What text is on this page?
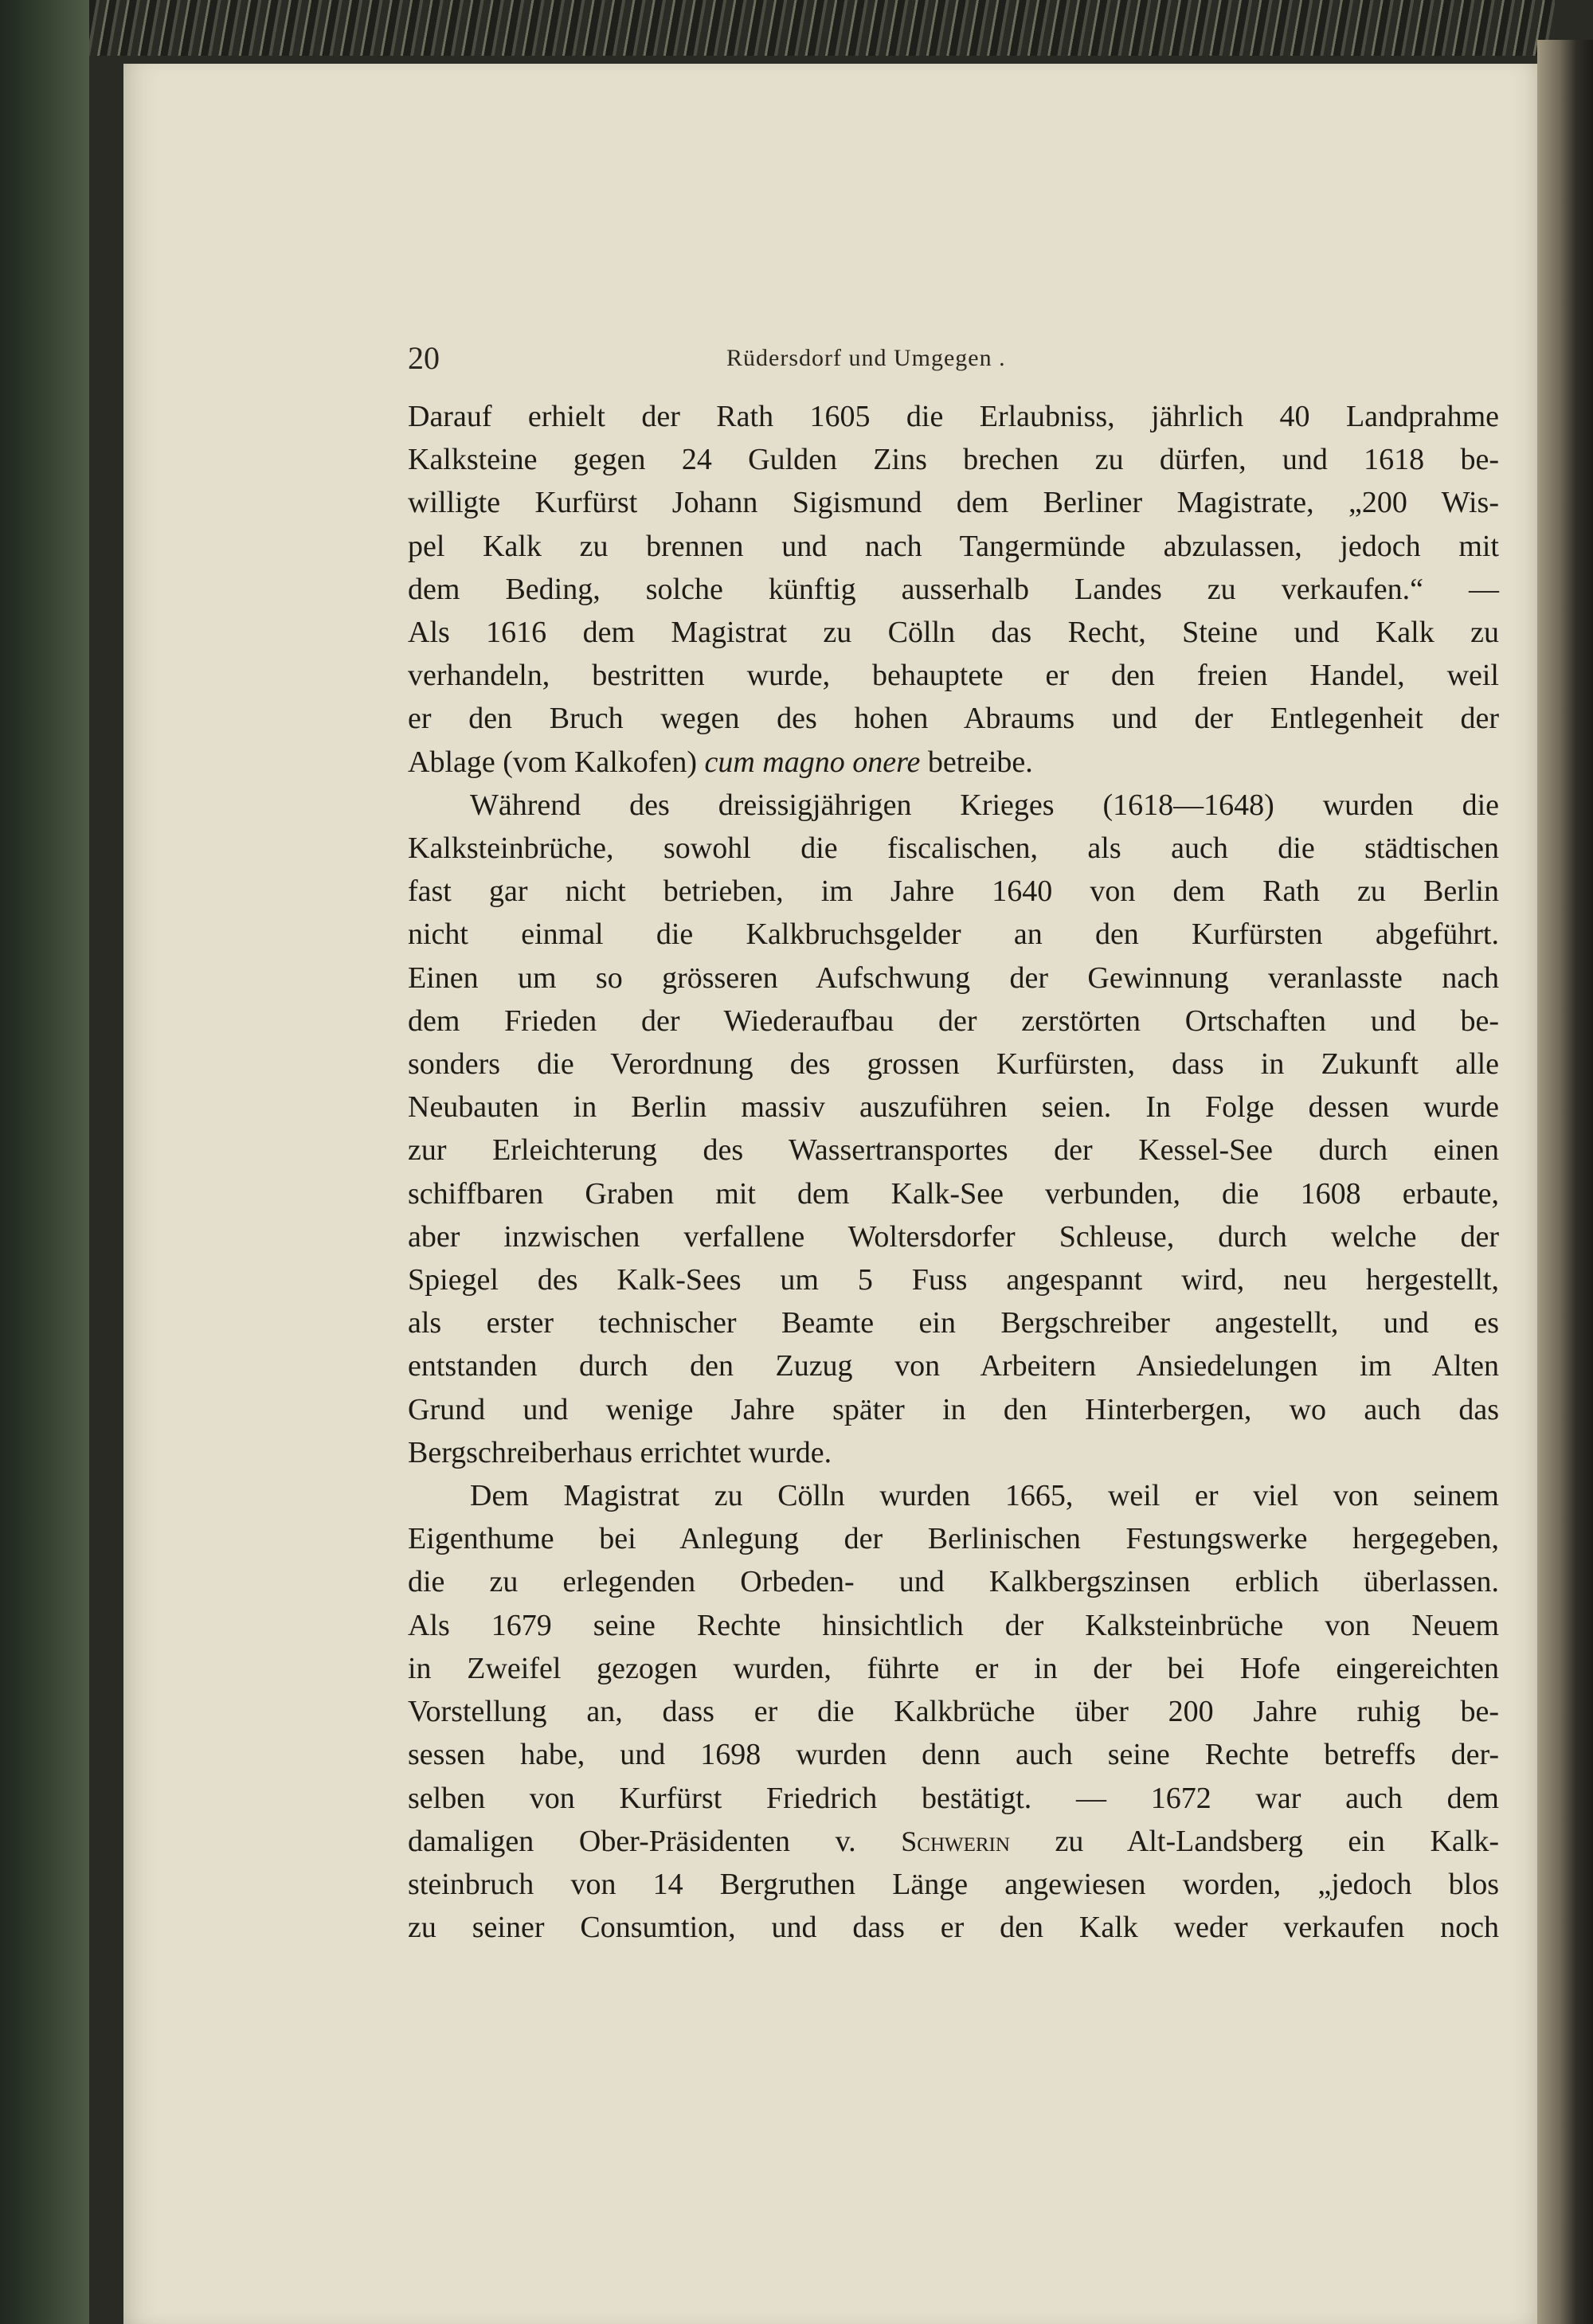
20	Rüdersdorf und Umgegen .

Darauf erhielt der Rath 1605 die Erlaubniss, jährlich 40 Landprahme
Kalksteine gegen 24 Gulden Zins brechen zu dürfen, und 1618 be-
willigte Kurfürst Johann Sigismund dem Berliner Magistrate, „200 Wis-
pel Kalk zu brennen und nach Tangermünde abzulassen, jedoch mit
dem Beding, solche künftig ausserhalb Landes zu verkaufen.“ —
Als 1616 dem Magistrat zu Cölln das Recht, Steine und Kalk zu
verhandeln, bestritten wurde, behauptete er den freien Handel, weil
er den Bruch wegen des hohen Abraums und der Entlegenheit der
Ablage (vom Kalkofen) cum magno onere betreibe.

Während des dreissigjährigen Krieges (1618—1648) wurden die
Kalksteinbrüche, sowohl die fiscalischen, als auch die städtischen
fast gar nicht betrieben, im Jahre 1640 von dem Rath zu Berlin
nicht einmal die Kalkbruchsgelder an den Kurfürsten abgeführt.
Einen um so grösseren Aufschwung der Gewinnung veranlasste nach
dem Frieden der Wiederaufbau der zerstörten Ortschaften und be-
sonders die Verordnung des grossen Kurfürsten, dass in Zukunft alle
Neubauten in Berlin massiv auszuführen seien. In Folge dessen wurde
zur Erleichterung des Wassertransportes der Kessel-See durch einen
schiffbaren Graben mit dem Kalk-See verbunden, die 1608 erbaute,
aber inzwischen verfallene Woltersdorfer Schleuse, durch welche der
Spiegel des Kalk-Sees um 5 Fuss angespannt wird, neu hergestellt,
als erster technischer Beamte ein Bergschreiber angestellt, und es
entstanden durch den Zuzug von Arbeitern Ansiedelungen im Alten
Grund und wenige Jahre später in den Hinterbergen, wo auch das
Bergschreiberhaus errichtet wurde.

Dem Magistrat zu Cölln wurden 1665, weil er viel von seinem
Eigenthume bei Anlegung der Berlinischen Festungswerke hergegeben,
die zu erlegenden Orbeden- und Kalkbergszinsen erblich überlassen.
Als 1679 seine Rechte hinsichtlich der Kalksteinbrüche von Neuem
in Zweifel gezogen wurden, führte er in der bei Hofe eingereichten
Vorstellung an, dass er die Kalkbrüche über 200 Jahre ruhig be-
sessen habe, und 1698 wurden denn auch seine Rechte betreffs der-
selben von Kurfürst Friedrich bestätigt. — 1672 war auch dem
damaligen Ober-Präsidenten v. Schwerin zu Alt-Landsberg ein Kalk-
steinbruch von 14 Bergruthen Länge angewiesen worden, „jedoch blos
zu seiner Consumtion, und dass er den Kalk weder verkaufen noch
